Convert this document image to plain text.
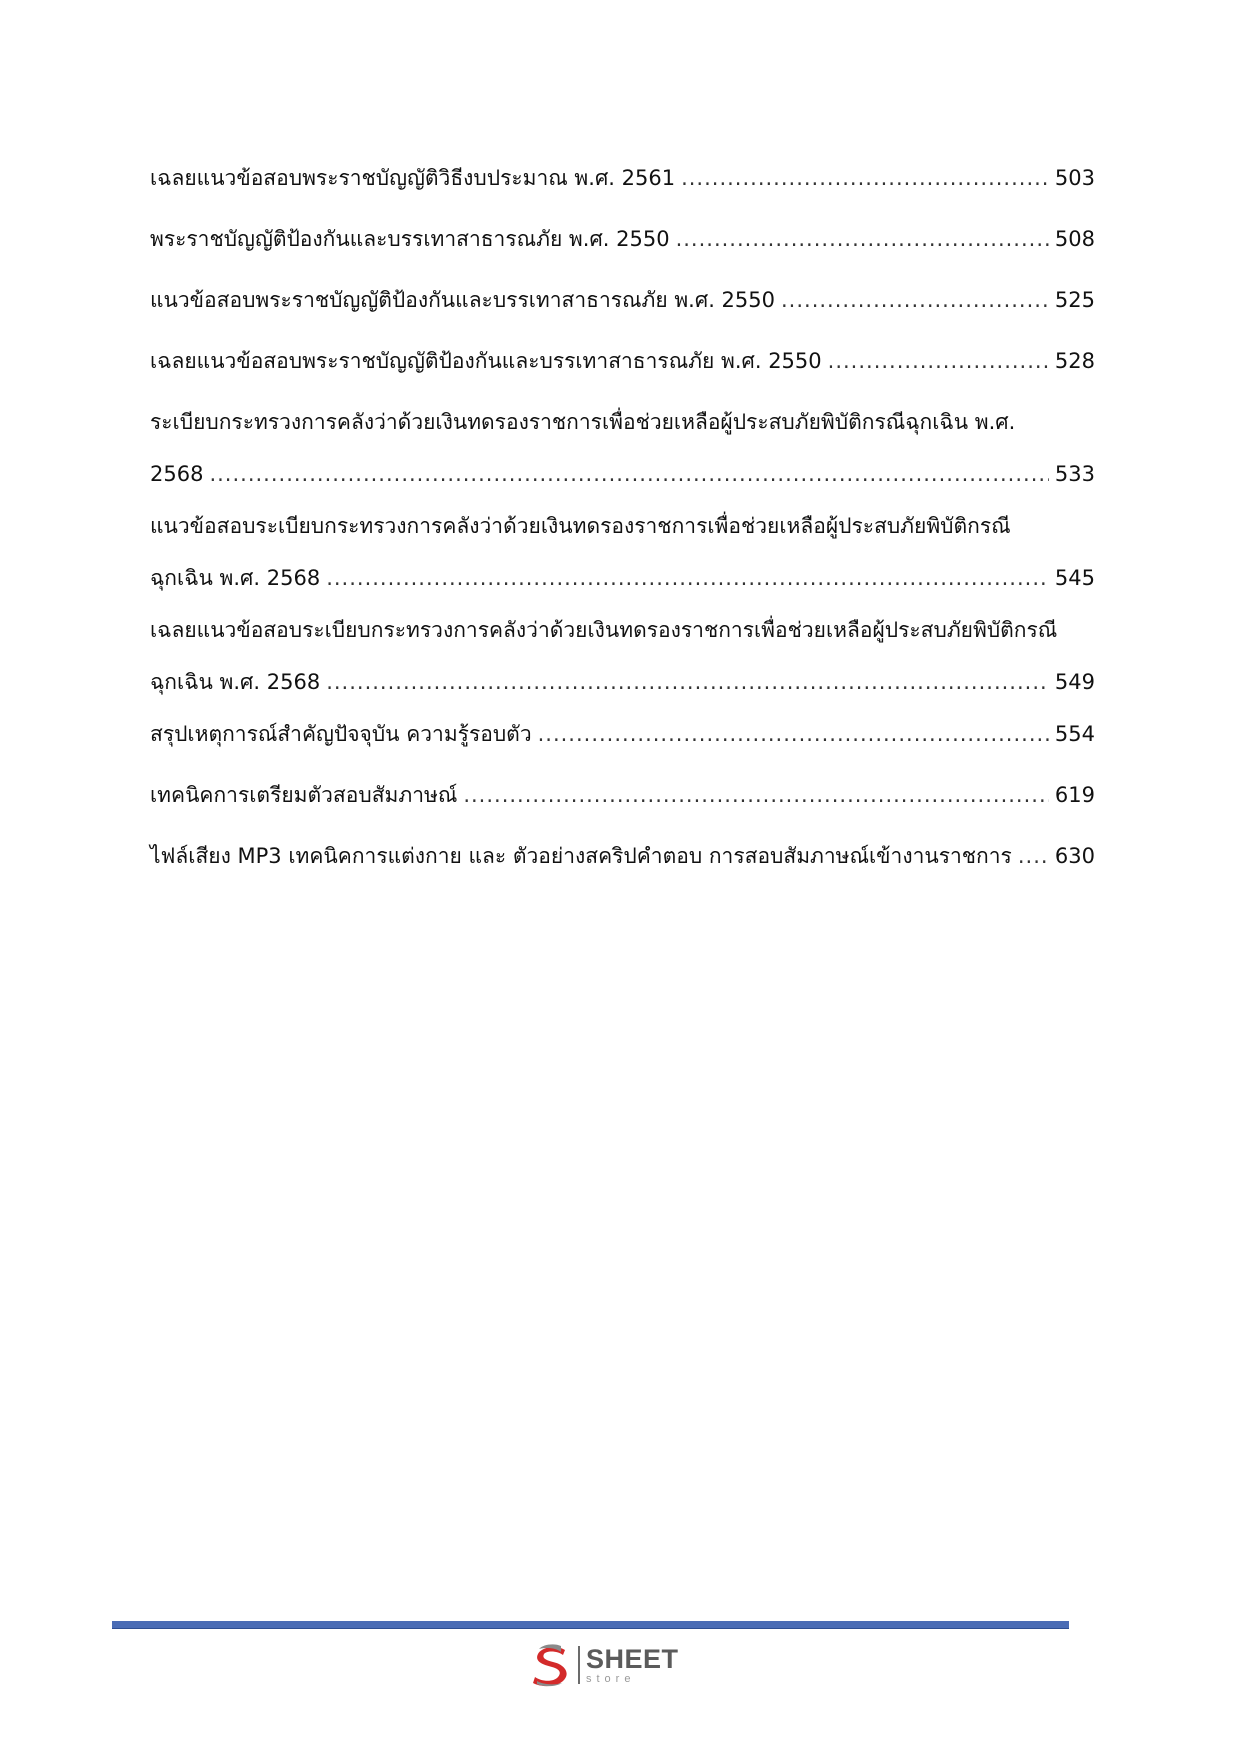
เฉลยแนวข้อสอบพระราชบัญญัติวิธีงบประมาณ พ.ศ. 2561 .....	503
พระราชบัญญัติป้องกันและบรรเทาสาธารณภัย พ.ศ. 2550 .....	508
แนวข้อสอบพระราชบัญญัติป้องกันและบรรเทาสาธารณภัย พ.ศ. 2550 .....	525
เฉลยแนวข้อสอบพระราชบัญญัติป้องกันและบรรเทาสาธารณภัย พ.ศ. 2550 .....	528
ระเบียบกระทรวงการคลังว่าด้วยเงินทดรองราชการเพื่อช่วยเหลือผู้ประสบภัยพิบัติกรณีฉุกเฉิน พ.ศ.
2568 .....	533
แนวข้อสอบระเบียบกระทรวงการคลังว่าด้วยเงินทดรองราชการเพื่อช่วยเหลือผู้ประสบภัยพิบัติกรณี
ฉุกเฉิน พ.ศ. 2568 .....	545
เฉลยแนวข้อสอบระเบียบกระทรวงการคลังว่าด้วยเงินทดรองราชการเพื่อช่วยเหลือผู้ประสบภัยพิบัติกรณี
ฉุกเฉิน พ.ศ. 2568 .....	549
สรุปเหตุการณ์สำคัญปัจจุบัน ความรู้รอบตัว .....	554
เทคนิคการเตรียมตัวสอบสัมภาษณ์ .....	619
ไฟล์เสียง MP3 เทคนิคการแต่งกาย และ ตัวอย่างสคริปคำตอบ การสอบสัมภาษณ์เข้างานราชการ ..... 630
SHEET
store
